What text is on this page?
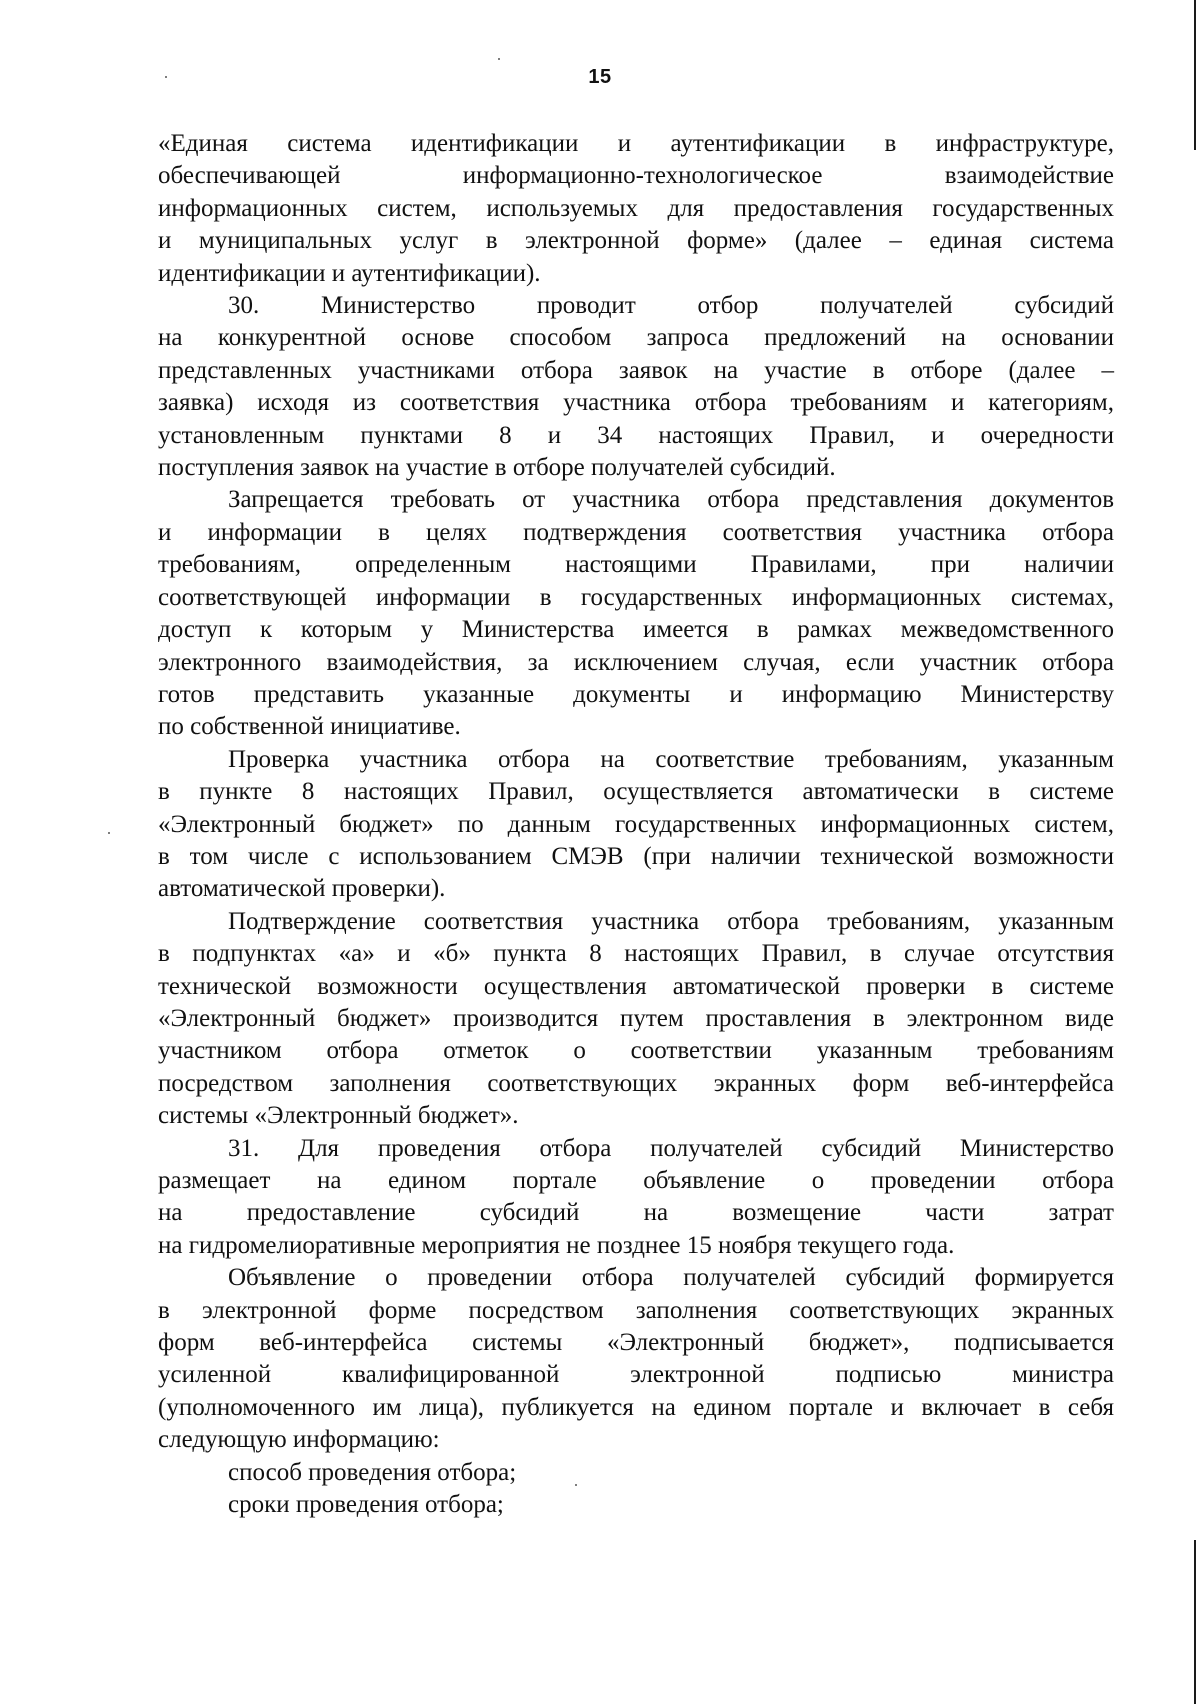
15

«Единая система идентификации и аутентификации в инфраструктуре,
обеспечивающей информационно-технологическое взаимодействие
информационных систем, используемых для предоставления государственных
и муниципальных услуг в электронной форме» (далее – единая система
идентификации и аутентификации).

30. Министерство проводит отбор получателей субсидий
на конкурентной основе способом запроса предложений на основании
представленных участниками отбора заявок на участие в отборе (далее –
заявка) исходя из соответствия участника отбора требованиям и категориям,
установленным пунктами 8 и 34 настоящих Правил, и очередности
поступления заявок на участие в отборе получателей субсидий.

Запрещается требовать от участника отбора представления документов
и информации в целях подтверждения соответствия участника отбора
требованиям, определенным настоящими Правилами, при наличии
соответствующей информации в государственных информационных системах,
доступ к которым у Министерства имеется в рамках межведомственного
электронного взаимодействия, за исключением случая, если участник отбора
готов представить указанные документы и информацию Министерству
по собственной инициативе.

Проверка участника отбора на соответствие требованиям, указанным
в пункте 8 настоящих Правил, осуществляется автоматически в системе
«Электронный бюджет» по данным государственных информационных систем,
в том числе с использованием СМЭВ (при наличии технической возможности
автоматической проверки).

Подтверждение соответствия участника отбора требованиям, указанным
в подпунктах «а» и «б» пункта 8 настоящих Правил, в случае отсутствия
технической возможности осуществления автоматической проверки в системе
«Электронный бюджет» производится путем проставления в электронном виде
участником отбора отметок о соответствии указанным требованиям
посредством заполнения соответствующих экранных форм веб-интерфейса
системы «Электронный бюджет».

31. Для проведения отбора получателей субсидий Министерство
размещает на едином портале объявление о проведении отбора
на предоставление субсидий на возмещение части затрат
на гидромелиоративные мероприятия не позднее 15 ноября текущего года.

Объявление о проведении отбора получателей субсидий формируется
в электронной форме посредством заполнения соответствующих экранных
форм веб-интерфейса системы «Электронный бюджет», подписывается
усиленной квалифицированной электронной подписью министра
(уполномоченного им лица), публикуется на едином портале и включает в себя
следующую информацию:

способ проведения отбора;

сроки проведения отбора;
